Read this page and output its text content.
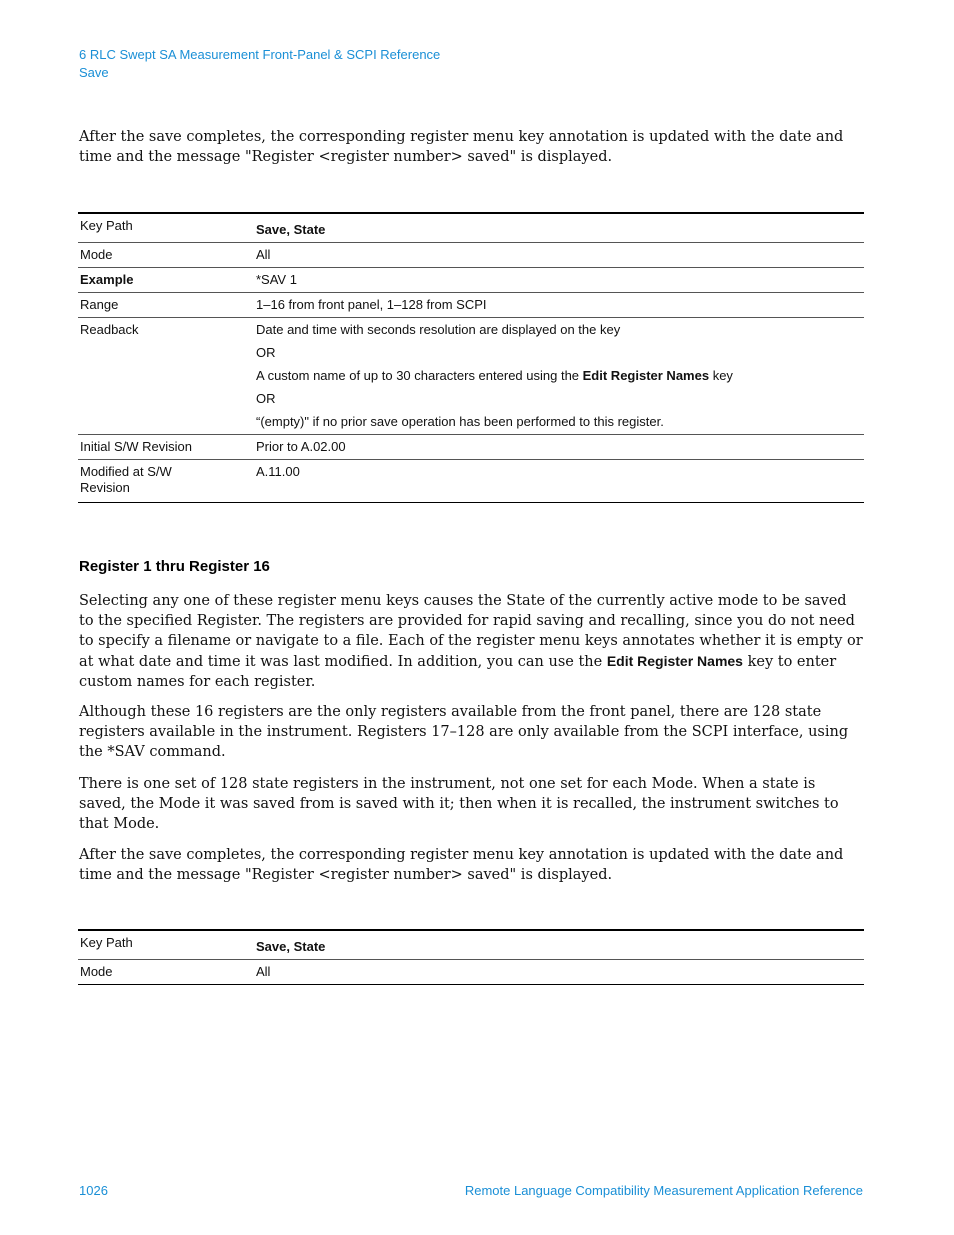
6 RLC Swept SA Measurement Front-Panel & SCPI Reference
Save
After the save completes, the corresponding register menu key annotation is updated with the date and time and the message "Register <register number> saved" is displayed.
Key Path	Save, State
Mode	All
Example	*SAV 1
Range	1–16 from front panel, 1–128 from SCPI
Readback	Date and time with seconds resolution are displayed on the key
OR
A custom name of up to 30 characters entered using the Edit Register Names key
OR
“(empty)" if no prior save operation has been performed to this register.

Initial S/W Revision	Prior to A.02.00

Modified at S/W Revision	A.11.00
Register 1 thru Register 16
Selecting any one of these register menu keys causes the State of the currently active mode to be saved to the specified Register. The registers are provided for rapid saving and recalling, since you do not need to specify a filename or navigate to a file. Each of the register menu keys annotates whether it is empty or at what date and time it was last modified. In addition, you can use the Edit Register Names key to enter custom names for each register.
Although these 16 registers are the only registers available from the front panel, there are 128 state registers available in the instrument. Registers 17–128 are only available from the SCPI interface, using the *SAV command.
There is one set of 128 state registers in the instrument, not one set for each Mode. When a state is saved, the Mode it was saved from is saved with it; then when it is recalled, the instrument switches to that Mode.
After the save completes, the corresponding register menu key annotation is updated with the date and time and the message "Register <register number> saved" is displayed.
Key Path	Save, State
Mode	All
1026	Remote Language Compatibility Measurement Application Reference
